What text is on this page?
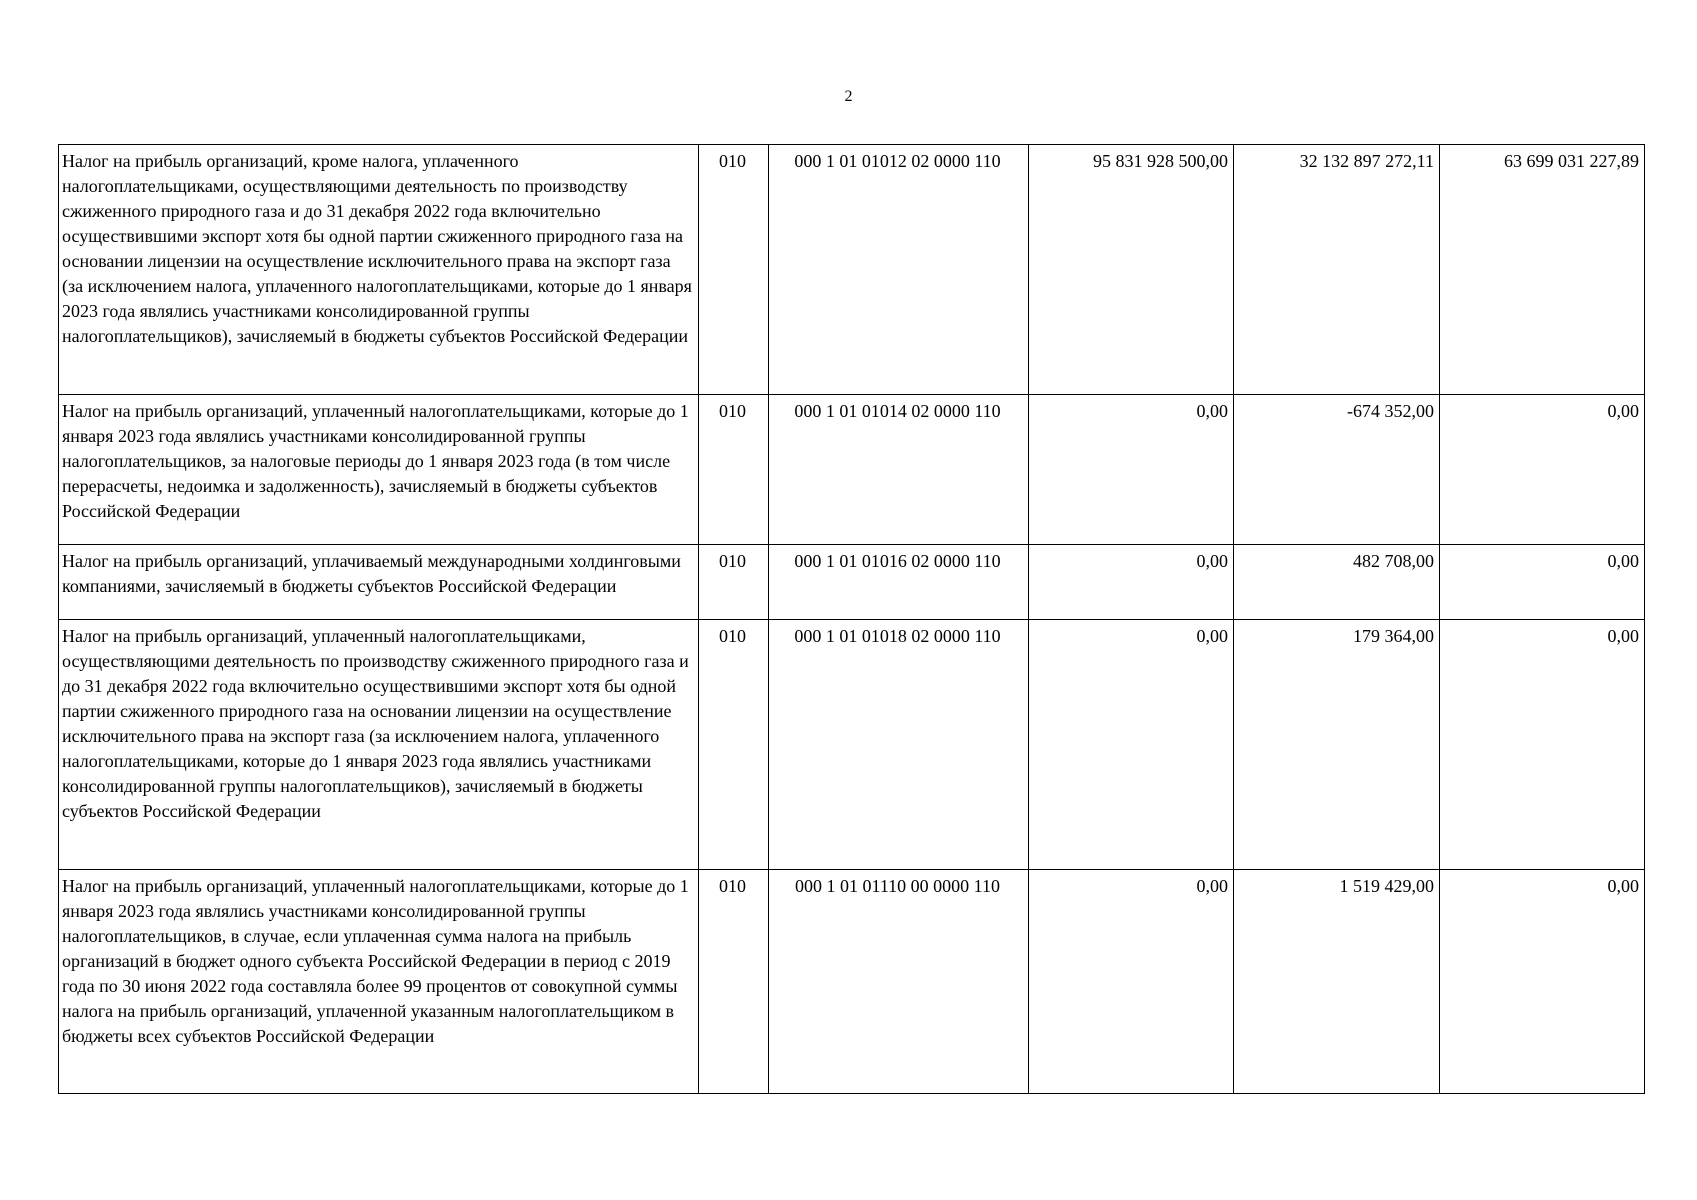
2
Налог на прибыль организаций, кроме налога, уплаченного налогоплательщиками, осуществляющими деятельность по производству сжиженного природного газа и до 31 декабря 2022 года включительно осуществившими экспорт хотя бы одной партии сжиженного природного газа на основании лицензии на осуществление исключительного права на экспорт газа (за исключением налога, уплаченного налогоплательщиками, которые до 1 января 2023 года являлись участниками консолидированной группы налогоплательщиков), зачисляемый в бюджеты субъектов Российской Федерации	010	000 1 01 01012 02 0000 110	95 831 928 500,00	32 132 897 272,11	63 699 031 227,89
Налог на прибыль организаций, уплаченный налогоплательщиками, которые до 1 января 2023 года являлись участниками консолидированной группы налогоплательщиков, за налоговые периоды до 1 января 2023 года (в том числе перерасчеты, недоимка и задолженность), зачисляемый в бюджеты субъектов Российской Федерации	010	000 1 01 01014 02 0000 110	0,00	-674 352,00	0,00
Налог на прибыль организаций, уплачиваемый международными холдинговыми компаниями, зачисляемый в бюджеты субъектов Российской Федерации	010	000 1 01 01016 02 0000 110	0,00	482 708,00	0,00
Налог на прибыль организаций, уплаченный налогоплательщиками, осуществляющими деятельность по производству сжиженного природного газа и до 31 декабря 2022 года включительно осуществившими экспорт хотя бы одной партии сжиженного природного газа на основании лицензии на осуществление исключительного права на экспорт газа (за исключением налога, уплаченного налогоплательщиками, которые до 1 января 2023 года являлись участниками консолидированной группы налогоплательщиков), зачисляемый в бюджеты субъектов Российской Федерации	010	000 1 01 01018 02 0000 110	0,00	179 364,00	0,00
Налог на прибыль организаций, уплаченный налогоплательщиками, которые до 1 января 2023 года являлись участниками консолидированной группы налогоплательщиков, в случае, если уплаченная сумма налога на прибыль организаций в бюджет одного субъекта Российской Федерации в период с 2019 года по 30 июня 2022 года составляла более 99 процентов от совокупной суммы налога на прибыль организаций, уплаченной указанным налогоплательщиком в бюджеты всех субъектов Российской Федерации	010	000 1 01 01110 00 0000 110	0,00	1 519 429,00	0,00
